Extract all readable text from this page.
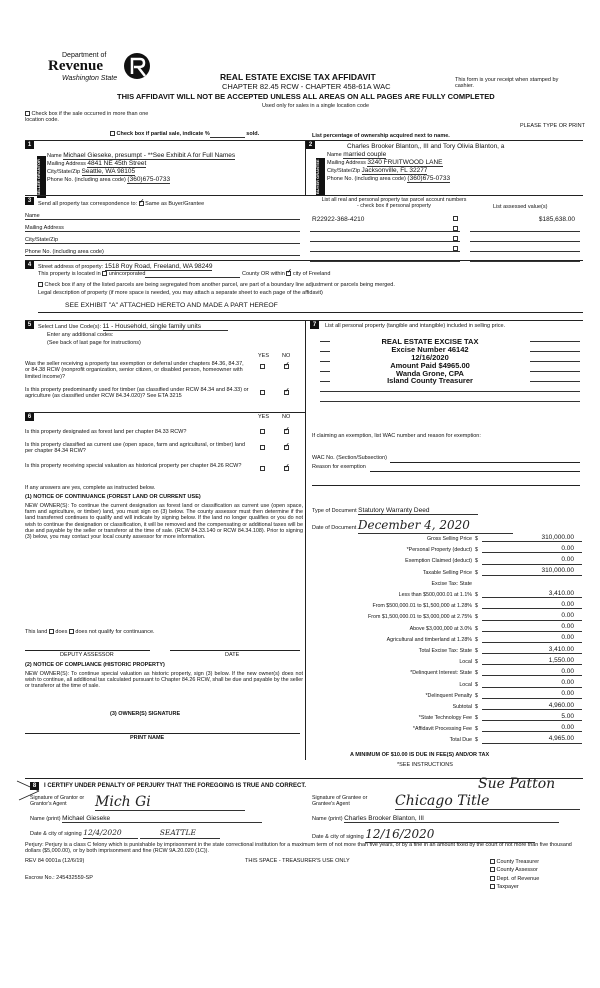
Department of
Revenue
Washington State	REAL ESTATE EXCISE TAX AFFIDAVIT
CHAPTER 82.45 RCW - CHAPTER 458-61A WAC
THIS AFFIDAVIT WILL NOT BE ACCEPTED UNLESS ALL AREAS ON ALL PAGES ARE FULLY COMPLETED
Used only for sales in a single location code
This form is your receipt when stamped by cashier.
PLEASE TYPE OR PRINT
Check box if the sale occurred in more than one location code.
Check box if partial sale, indicate %	sold.	List percentage of ownership acquired next to name.
1
SELLER GRANTOR
Name Michael Gieseke, presumpt - **See Exhibit A for Full Names
Mailing Address 4841 NE 45th Street
City/State/Zip Seattle, WA 98105
Phone No. (including area code) (360)675-0733
2
BUYER GRANTEE
Charles Brooker Blanton,, III and Tory Olivia Blanton, a
Name married couple
Mailing Address 3240 FRUITWOOD LANE
City/State/Zip Jacksonville, FL 32277
Phone No. (including area code) (360)675-0733
3	Send all property tax correspondence to: ✓ Same as Buyer/Grantee
Name
Mailing Address
City/State/Zip
Phone No. (including area code)
List all real and personal property tax parcel account numbers - check box if personal property	List assessed value(s)
R22922-368-4210	$185,638.00
4	Street address of property: 1518 Roy Road, Freeland, WA 98249
This property is located in unincorporated	County OR within ✓ city of Freeland
Check box if any of the listed parcels are being segregated from another parcel, are part of a boundary line adjustment or parcels being merged.
Legal description of property (if more space is needed, you may attach a separate sheet to each page of the affidavit)
SEE EXHIBIT "A" ATTACHED HERETO AND MADE A PART HEREOF
5	Select Land Use Code(s): 11 - Household, single family units
Enter any additional codes:
(See back of last page for instructions)
YES NO
Was the seller receiving a property tax exemption or deferral under chapters 84.36, 84.37, or 84.38 RCW (nonprofit organization, senior citizen, or disabled person, homeowner with limited income)?
✓
Is this property predominantly used for timber (as classified under RCW 84.34 and 84.33) or agriculture (as classified under RCW 84.34.020)? See ETA 3215
✓
6	YES NO
Is this property designated as forest land per chapter 84.33 RCW?
✓
Is this property classified as current use (open space, farm and agricultural, or timber) land per chapter 84.34 RCW?
✓
Is this property receiving special valuation as historical property per chapter 84.26 RCW?
✓
If any answers are yes, complete as instructed below.
(1) NOTICE OF CONTINUANCE (FOREST LAND OR CURRENT USE)
NEW OWNER(S): To continue the current designation as forest land or classification as current use (open space, farm and agriculture, or timber) land, you must sign on (3) below. The county assessor must then determine if the land transferred continues to qualify and will indicate by signing below. If the land no longer qualifies or you do not wish to continue the designation or classification, it will be removed and the compensating or additional taxes will be due and payable by the seller or transferor at the time of sale. (RCW 84.33.140 or RCW 84.34.108). Prior to signing (3) below, you may contact your local county assessor for more information.
This land does does not qualify for continuance.
DEPUTY ASSESSOR	DATE
(2) NOTICE OF COMPLIANCE (HISTORIC PROPERTY)
NEW OWNER(S): To continue special valuation as historic property, sign (3) below. If the new owner(s) does not wish to continue, all additional tax calculated pursuant to Chapter 84.26 RCW, shall be due and payable by the seller or transferor at the time of sale.
(3) OWNER(S) SIGNATURE
PRINT NAME
7	List all personal property (tangible and intangible) included in selling price.
REAL ESTATE EXCISE TAX
Excise Number 46142
12/16/2020
Amount Paid $4965.00
Wanda Grone, CPA
Island County Treasurer
If claiming an exemption, list WAC number and reason for exemption:
WAC No. (Section/Subsection)
Reason for exemption
Type of Document Statutory Warranty Deed
Date of Document December 4, 2020
Gross Selling Price $	310,000.00
*Personal Property (deduct) $	0.00
Exemption Claimed (deduct) $	0.00
Taxable Selling Price $	310,000.00
Excise Tax: State
Less than $500,000.01 at 1.1% $	3,410.00
From $500,000.01 to $1,500,000 at 1.28% $	0.00
From $1,500,000.01 to $3,000,000 at 2.75% $	0.00
Above $3,000,000 at 3.0% $	0.00
Agricultural and timberland at 1.28% $	0.00
Total Excise Tax: State $	3,410.00
Local $	1,550.00
*Delinquent Interest: State $	0.00
Local $	0.00
*Delinquent Penalty $	0.00
Subtotal $	4,960.00
*State Technology Fee $	5.00
*Affidavit Processing Fee $	0.00
Total Due $	4,965.00
A MINIMUM OF $10.00 IS DUE IN FEE(S) AND/OR TAX
*SEE INSTRUCTIONS
8	I CERTIFY UNDER PENALTY OF PERJURY THAT THE FOREGOING IS TRUE AND CORRECT.
Signature of Grantor or Grantor's Agent	Mich Gi
Name (print) Michael Gieseke
Date & city of signing 12/4/2020	SEATTLE
Sue Patton
Signature of Grantee or Grantee's Agent	Chicago Title
Name (print) Charles Brooker Blanton, III
Date & city of signing 12/16/2020
Perjury: Perjury is a class C felony which is punishable by imprisonment in the state correctional institution for a maximum term of not more than five years, or by a fine in an amount fixed by the court of not more than five thousand dollars ($5,000.00), or by both imprisonment and fine (RCW 9A.20.020 (1C)).
REV 84 0001a (12/6/19)	THIS SPACE - TREASURER'S USE ONLY
Escrow No.: 245432559-SP
County Treasurer
County Assessor
Dept. of Revenue
Taxpayer
